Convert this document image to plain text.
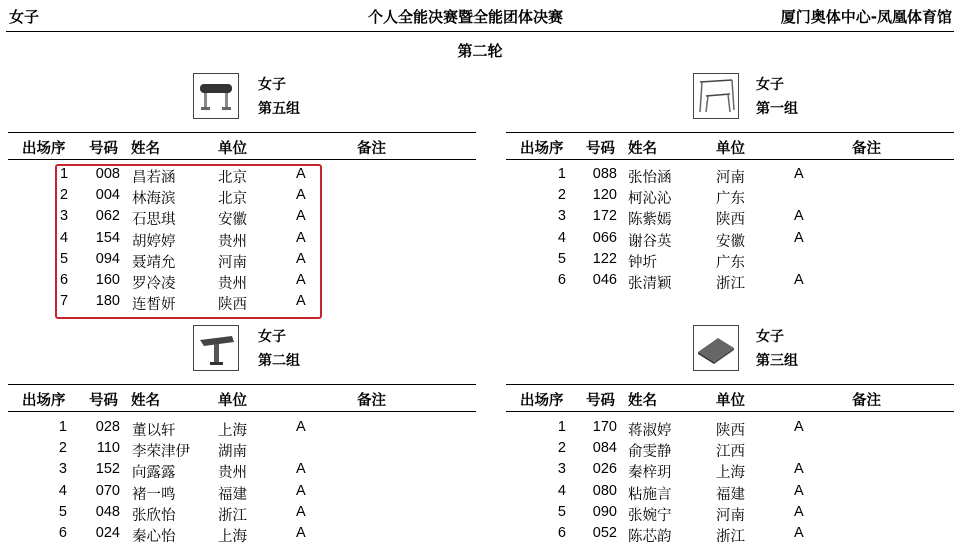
女子	个人全能决赛暨全能团体决赛	厦门奥体中心-凤凰体育馆
第二轮
女子
第五组
出场序 号码 姓名	单位	备注
1 008 昌若涵	北京	A
2 004 林海滨	北京	A
3 062 石思琪	安徽	A
4 154 胡婷婷	贵州	A
5 094 聂靖允	河南	A
6 160 罗冷凌	贵州	A
7 180 连皙妍	陕西	A
女子
第一组
出场序 号码 姓名	单位	备注
1	088 张怡涵	河南	A
2	120 柯沁沁	广东
3	172 陈紫嫣	陕西	A
4	066 谢谷英	安徽	A
5	122 钟圻	广东
6	046 张清颖	浙江	A
女子
第二组
出场序 号码 姓名	单位	备注
1 028 董以轩	上海	A
2	110 李荣津伊 湖南
3 152 向露露	贵州	A
4 070 褚一鸣	福建	A
5 048 张欣怡	浙江	A
6 024 秦心怡	上海	A
女子
第三组
出场序 号码 姓名	单位	备注
1	170 蒋淑婷	陕西	A
2	084 俞雯静	江西
3	026 秦梓玥	上海	A
4	080 粘施言	福建	A
5	090 张婉宁	河南	A
6	052 陈芯韵	浙江	A
